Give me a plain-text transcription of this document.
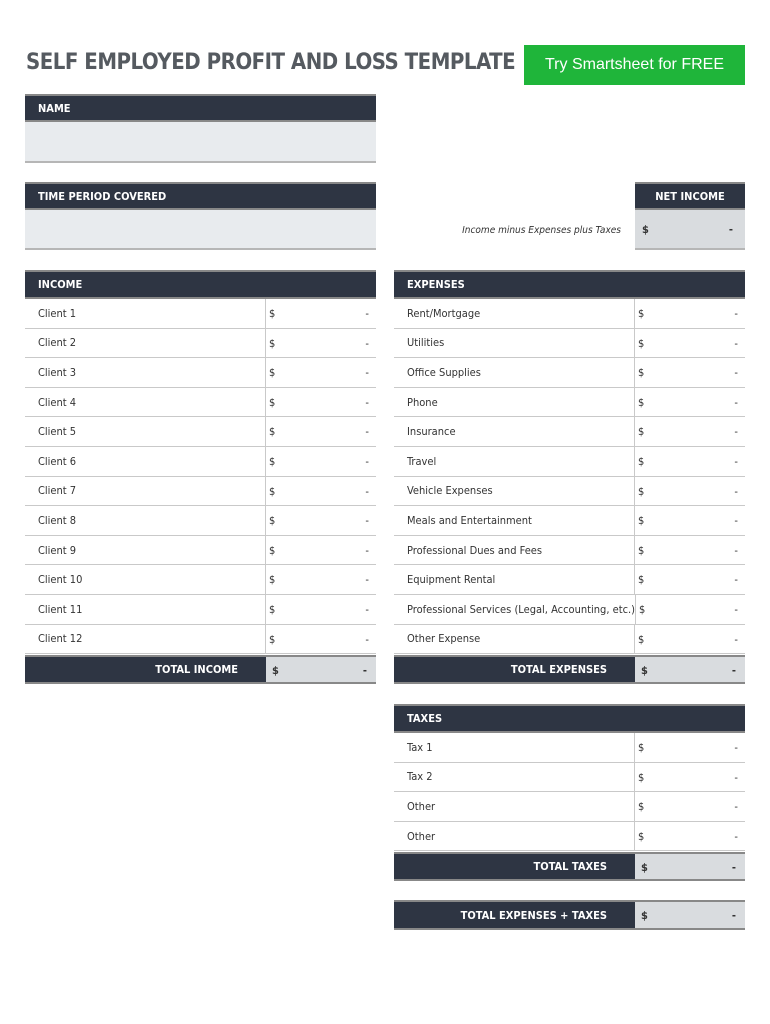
SELF EMPLOYED PROFIT AND LOSS TEMPLATE	Try Smartsheet for FREE
NAME
TIME PERIOD COVERED	NET INCOME
Income minus Expenses plus Taxes $	-
INCOME
Client 1	$	-
Client 2	$	-
Client 3	$	-
Client 4	$	-
Client 5	$	-
Client 6	$	-
Client 7	$	-
Client 8	$	-
Client 9	$	-
Client 10	$	-
Client 11	$	-
Client 12	$	-
TOTAL INCOME	$	-
EXPENSES
Rent/Mortgage	$	-
Utilities	$	-
Office Supplies	$	-
Phone	$	-
Insurance	$	-
Travel	$	-
Vehicle Expenses	$	-
Meals and Entertainment	$	-
Professional Dues and Fees	$	-
Equipment Rental	$	-
Professional Services (Legal, Accounting, etc.) $	-
Other Expense	$	-
TOTAL EXPENSES	$	-
TAXES
Tax 1	$	-
Tax 2	$	-
Other	$	-
Other	$	-
TOTAL TAXES	$	-
TOTAL EXPENSES + TAXES	$	-
